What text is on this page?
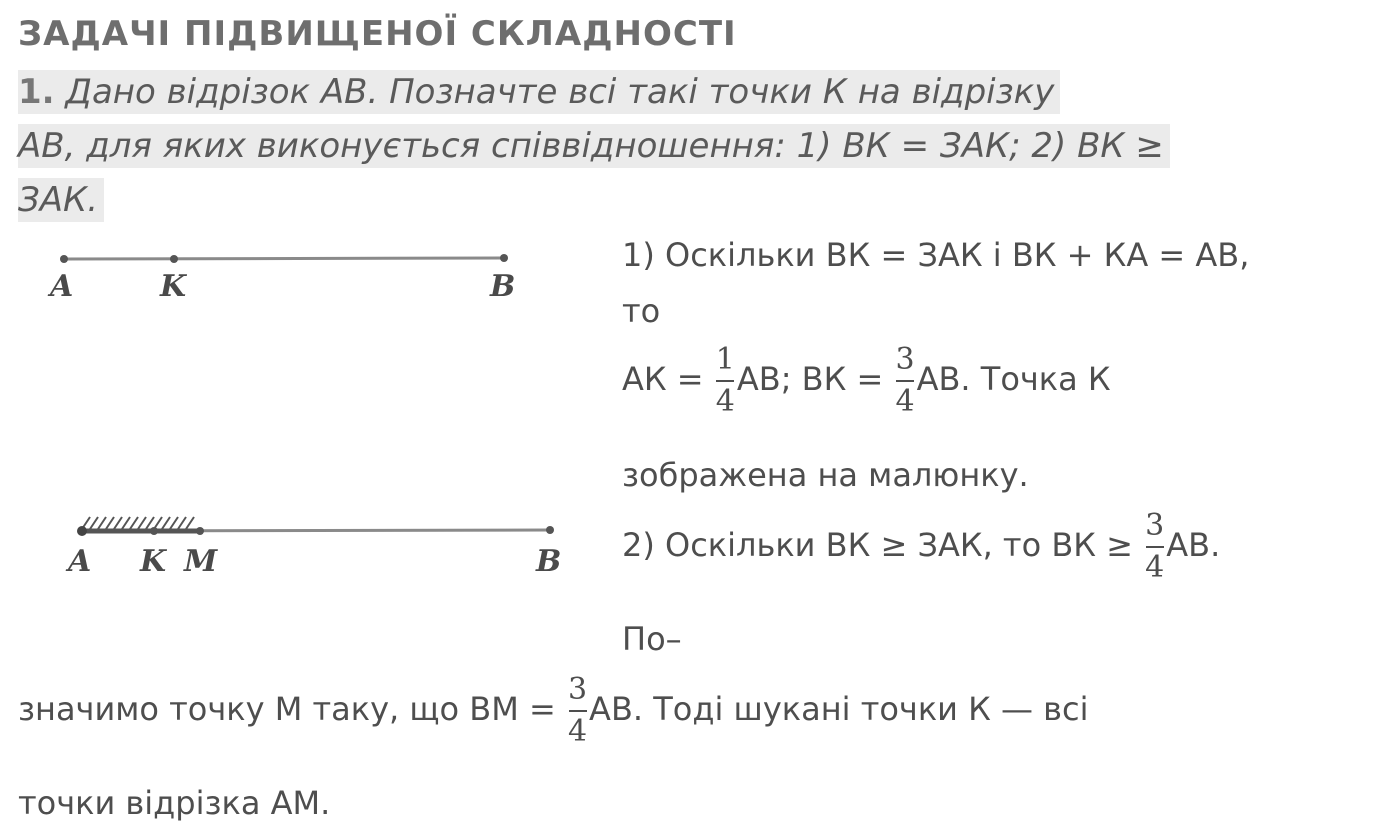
ЗАДАЧІ ПІДВИЩЕНОЇ СКЛАДНОСТІ
1. Дано відрізок АВ. Позначте всі такі точки К на відрізку
АВ, для яких виконується співвідношення: 1) ВК = ЗАК; 2) ВК ≥
ЗАК.
A	K	B
A K M	B
1) Оскільки ВК = ЗАК і ВК + КА = АВ,
то
АК = $\frac{1}{4}$ АВ; ВК = $\frac{3}{4}$ АВ. Точка К
зображена на малюнку.
2) Оскільки ВК ≥ ЗАК, то ВК ≥ $\frac{3}{4}$ АВ.
По–
значимо точку М таку, що ВМ = $\frac{3}{4}$ АВ. Тоді шукані точки К — всі
точки відрізка АМ.
